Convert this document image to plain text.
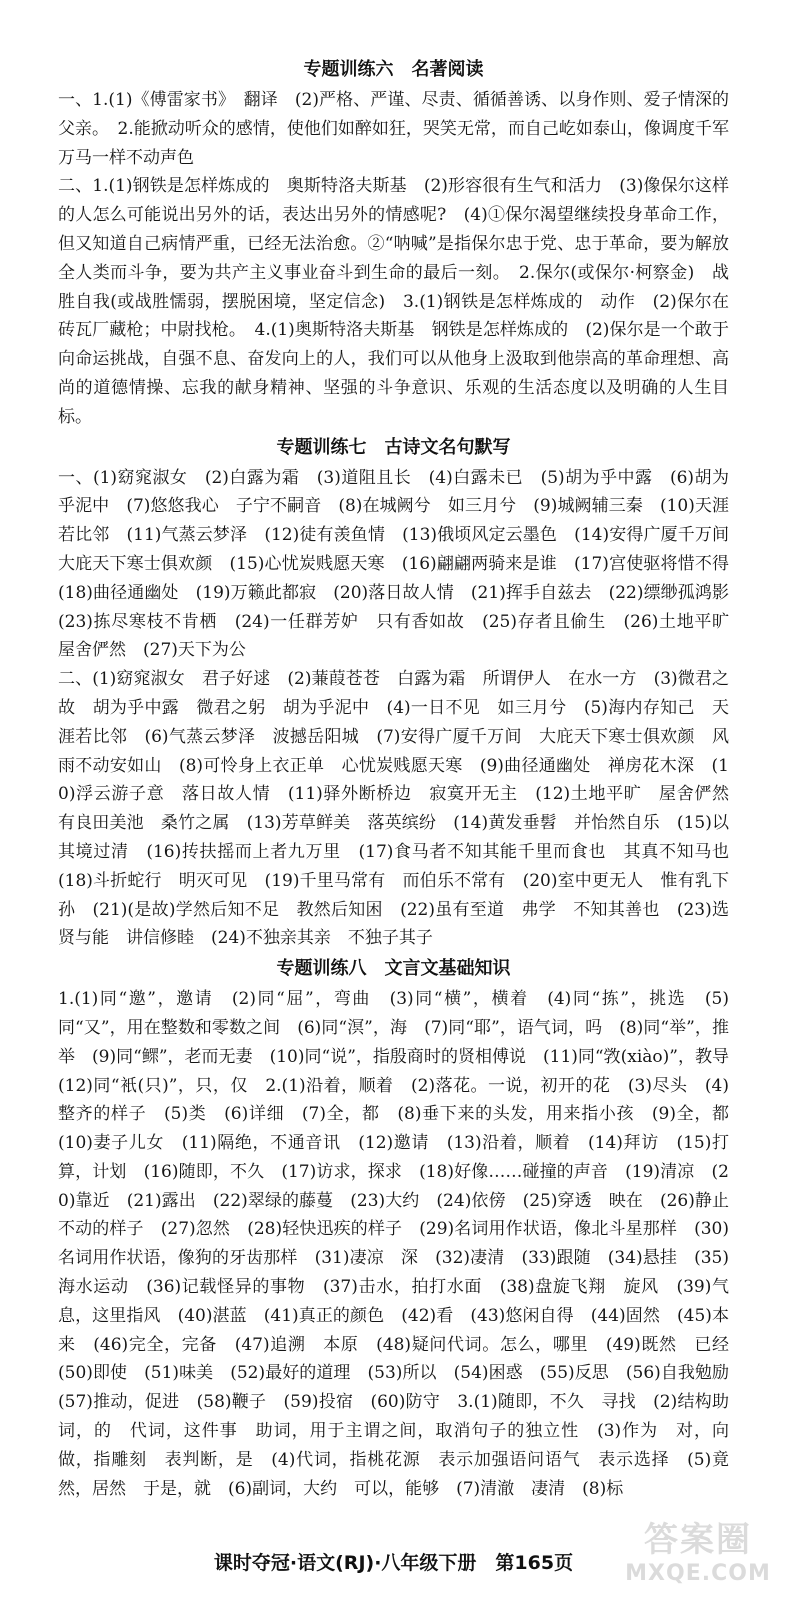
专题训练六　名著阅读

一、1.(1)《傅雷家书》　翻译　(2)严格、严谨、尽责、循循善诱、以身作则、爱子情深的父亲。　2.能掀动听众的感情，使他们如醉如狂，哭笑无常，而自己屹如泰山，像调度千军万马一样不动声色

二、1.(1)钢铁是怎样炼成的　奥斯特洛夫斯基　(2)形容很有生气和活力　(3)像保尔这样的人怎么可能说出另外的话，表达出另外的情感呢?　(4)①保尔渴望继续投身革命工作，但又知道自己病情严重，已经无法治愈。②“呐喊”是指保尔忠于党、忠于革命，要为解放全人类而斗争，要为共产主义事业奋斗到生命的最后一刻。　2.保尔(或保尔·柯察金)　战胜自我(或战胜懦弱，摆脱困境，坚定信念)　3.(1)钢铁是怎样炼成的　动作　(2)保尔在砖瓦厂藏枪；中尉找枪。　4.(1)奥斯特洛夫斯基　钢铁是怎样炼成的　(2)保尔是一个敢于向命运挑战，自强不息、奋发向上的人，我们可以从他身上汲取到他崇高的革命理想、高尚的道德情操、忘我的献身精神、坚强的斗争意识、乐观的生活态度以及明确的人生目标。

专题训练七　古诗文名句默写

一、(1)窈窕淑女　(2)白露为霜　(3)道阻且长　(4)白露未已　(5)胡为乎中露　(6)胡为乎泥中　(7)悠悠我心　子宁不嗣音　(8)在城阙兮　如三月兮　(9)城阙辅三秦　(10)天涯若比邻　(11)气蒸云梦泽　(12)徒有羡鱼情　(13)俄顷风定云墨色　(14)安得广厦千万间　大庇天下寒士俱欢颜　(15)心忧炭贱愿天寒　(16)翩翩两骑来是谁　(17)宫使驱将惜不得　(18)曲径通幽处　(19)万籁此都寂　(20)落日故人情　(21)挥手自兹去　(22)缥缈孤鸿影　(23)拣尽寒枝不肯栖　(24)一任群芳妒　只有香如故　(25)存者且偷生　(26)土地平旷　屋舍俨然　(27)天下为公

二、(1)窈窕淑女　君子好逑　(2)蒹葭苍苍　白露为霜　所谓伊人　在水一方　(3)微君之故　胡为乎中露　微君之躬　胡为乎泥中　(4)一日不见　如三月兮　(5)海内存知己　天涯若比邻　(6)气蒸云梦泽　波撼岳阳城　(7)安得广厦千万间　大庇天下寒士俱欢颜　风雨不动安如山　(8)可怜身上衣正单　心忧炭贱愿天寒　(9)曲径通幽处　禅房花木深　(10)浮云游子意　落日故人情　(11)驿外断桥边　寂寞开无主　(12)土地平旷　屋舍俨然　有良田美池　桑竹之属　(13)芳草鲜美　落英缤纷　(14)黄发垂髫　并怡然自乐　(15)以其境过清　(16)抟扶摇而上者九万里　(17)食马者不知其能千里而食也　其真不知马也　(18)斗折蛇行　明灭可见　(19)千里马常有　而伯乐不常有　(20)室中更无人　惟有乳下孙　(21)(是故)学然后知不足　教然后知困　(22)虽有至道　弗学　不知其善也　(23)选贤与能　讲信修睦　(24)不独亲其亲　不独子其子

专题训练八　文言文基础知识

1.(1)同“邀”，邀请　(2)同“屈”，弯曲　(3)同“横”，横着　(4)同“拣”，挑选　(5)同“又”，用在整数和零数之间　(6)同“溟”，海　(7)同“耶”，语气词，吗　(8)同“举”，推举　(9)同“鳏”，老而无妻　(10)同“说”，指殷商时的贤相傅说　(11)同“敩(xiào)”，教导　(12)同“衹(只)”，只，仅　2.(1)沿着，顺着　(2)落花。一说，初开的花　(3)尽头　(4)整齐的样子　(5)类　(6)详细　(7)全，都　(8)垂下来的头发，用来指小孩　(9)全，都　(10)妻子儿女　(11)隔绝，不通音讯　(12)邀请　(13)沿着，顺着　(14)拜访　(15)打算，计划　(16)随即，不久　(17)访求，探求　(18)好像……碰撞的声音　(19)清凉　(20)靠近　(21)露出　(22)翠绿的藤蔓　(23)大约　(24)依傍　(25)穿透　映在　(26)静止不动的样子　(27)忽然　(28)轻快迅疾的样子　(29)名词用作状语，像北斗星那样　(30)名词用作状语，像狗的牙齿那样　(31)凄凉　深　(32)凄清　(33)跟随　(34)悬挂　(35)海水运动　(36)记载怪异的事物　(37)击水，拍打水面　(38)盘旋飞翔　旋风　(39)气息，这里指风　(40)湛蓝　(41)真正的颜色　(42)看　(43)悠闲自得　(44)固然　(45)本来　(46)完全，完备　(47)追溯　本原　(48)疑问代词。怎么，哪里　(49)既然　已经　(50)即使　(51)味美　(52)最好的道理　(53)所以　(54)困惑　(55)反思　(56)自我勉励　(57)推动，促进　(58)鞭子　(59)投宿　(60)防守　3.(1)随即，不久　寻找　(2)结构助词，的　代词，这件事　助词，用于主谓之间，取消句子的独立性　(3)作为　对，向　做，指雕刻　表判断，是　(4)代词，指桃花源　表示加强语问语气　表示选择　(5)竟然，居然　于是，就　(6)副词，大约　可以，能够　(7)清澈　凄清　(8)标

课时夺冠·语文(RJ)·八年级下册　第165页
答案圈
MXQE.COM
